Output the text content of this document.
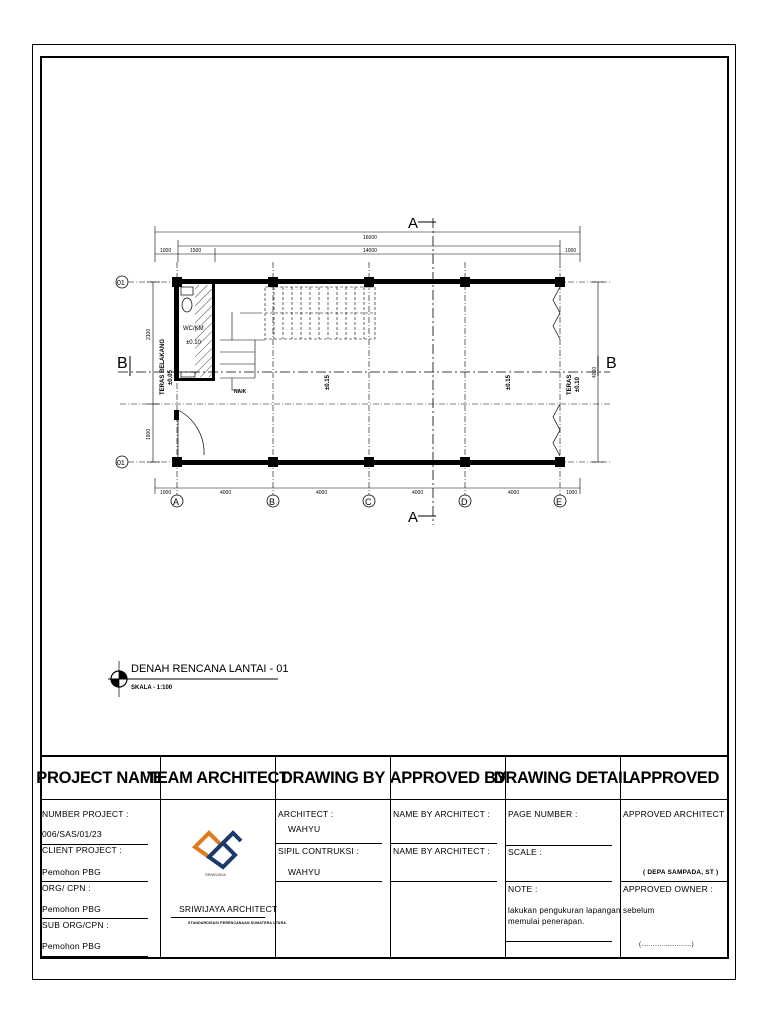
A
A
B	B
16000
14000
1000	1500	1000
1000	4000	4000	4000	4000	1000
2100
1900
4000
01
01
A	B	C	D	E
NAIK
WC/KM
±0.10
TERAS BELAKANG ±0.05	TERAS ±0.10
±0.15	±0.15
DENAH RENCANA LANTAI - 01
SKALA - 1:100
PROJECT NAME
NUMBER PROJECT :
006/SAS/01/23
CLIENT PROJECT :
Pemohon PBG
ORG/ CPN :
Pemohon PBG
SUB ORG/CPN :
Pemohon PBG
TEAM ARCHITECT
SRIWIJAYA
SRIWIJAYA ARCHITECT
STANDARDISASI PERENCANAAN SUMATERA UTARA
DRAWING BY
ARCHITECT :
WAHYU
SIPIL CONTRUKSI :
WAHYU
APPROVED BY
NAME BY ARCHITECT :
NAME BY ARCHITECT :
DRAWING DETAIL
PAGE NUMBER :
SCALE :
NOTE :
lakukan pengukuran lapangan sebelum
memulai penerapan.
APPROVED
APPROVED ARCHITECT :
( DEPA SAMPADA, ST )
APPROVED OWNER :
(...........................)
